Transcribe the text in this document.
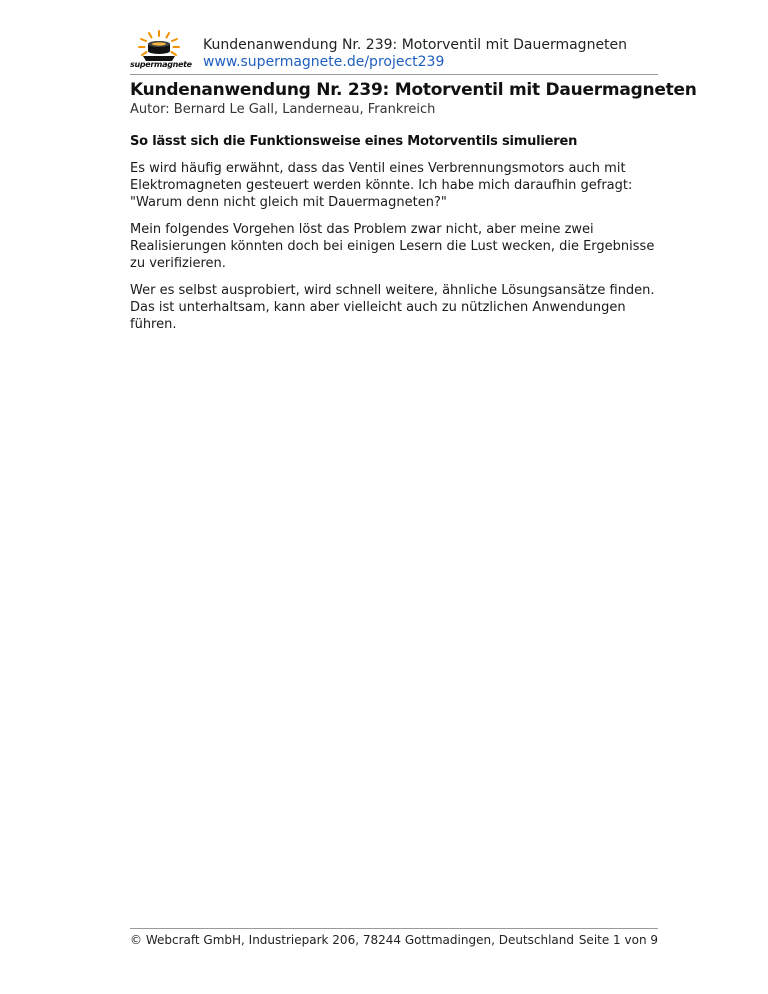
supermagnete
Kundenanwendung Nr. 239: Motorventil mit Dauermagneten
www.supermagnete.de/project239
Kundenanwendung Nr. 239: Motorventil mit Dauermagneten

Autor: Bernard Le Gall, Landerneau, Frankreich

So lässt sich die Funktionsweise eines Motorventils simulieren

Es wird häufig erwähnt, dass das Ventil eines Verbrennungsmotors auch mit Elektromagneten gesteuert werden könnte. Ich habe mich daraufhin gefragt: "Warum denn nicht gleich mit Dauermagneten?"

Mein folgendes Vorgehen löst das Problem zwar nicht, aber meine zwei Realisierungen könnten doch bei einigen Lesern die Lust wecken, die Ergebnisse zu verifizieren.

Wer es selbst ausprobiert, wird schnell weitere, ähnliche Lösungsansätze finden. Das ist unterhaltsam, kann aber vielleicht auch zu nützlichen Anwendungen führen.

© Webcraft GmbH, Industriepark 206, 78244 Gottmadingen, Deutschland Seite 1 von 9
